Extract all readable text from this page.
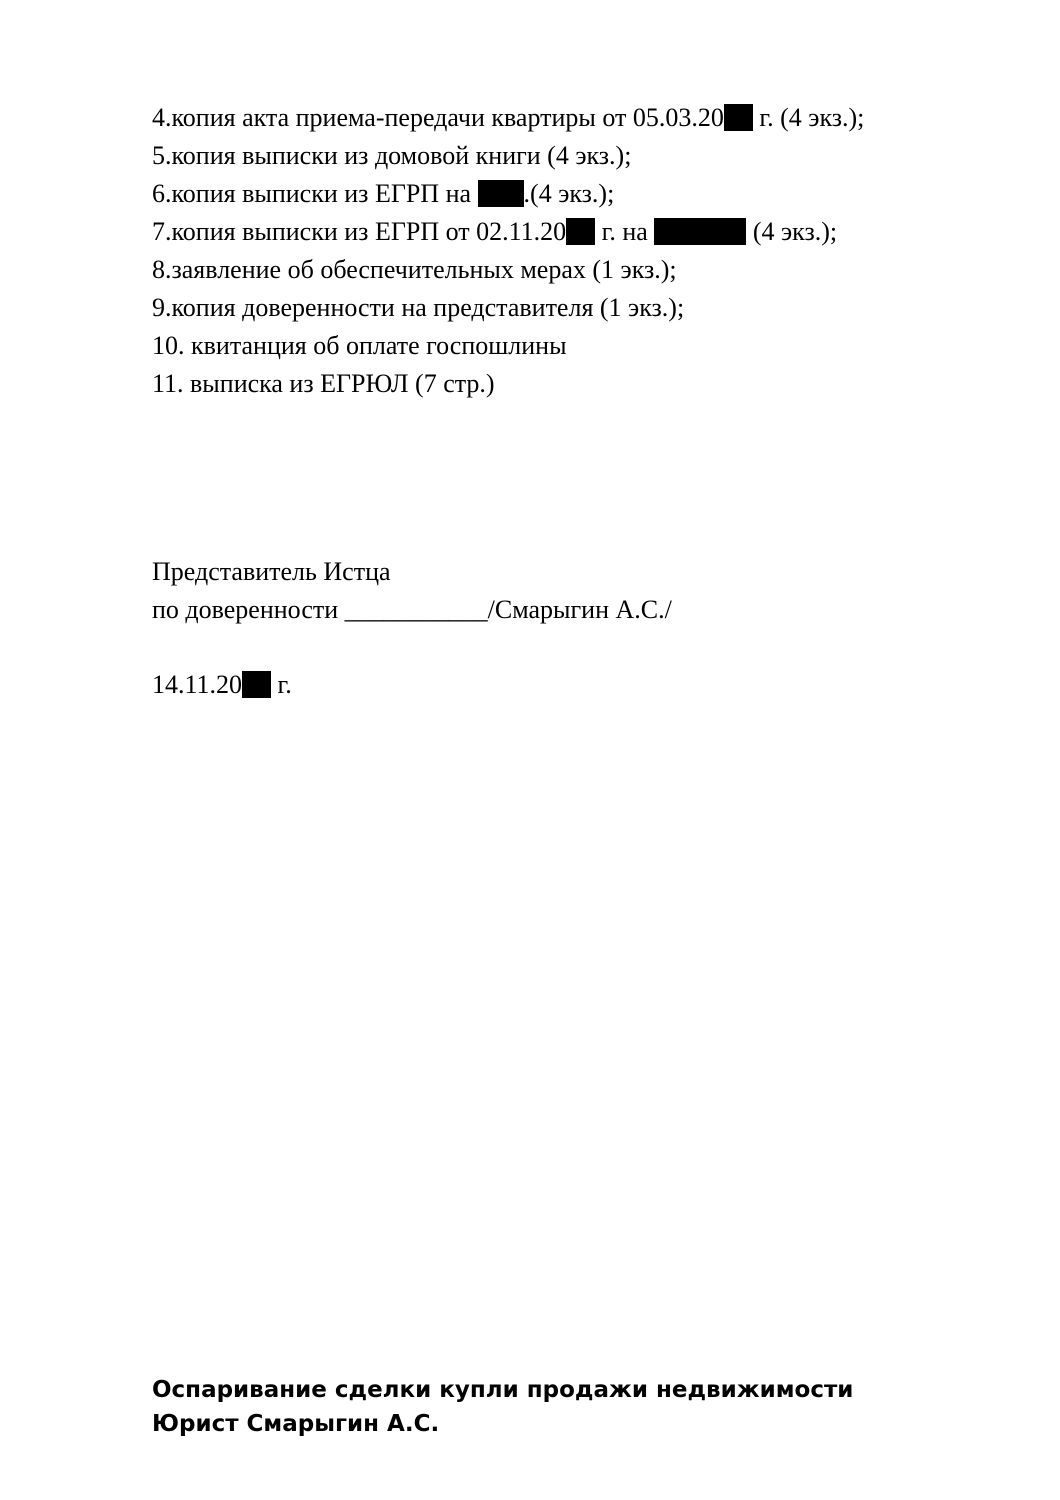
4.копия акта приема-передачи квартиры от 05.03.20 г. (4 экз.);
5.копия выписки из домовой книги (4 экз.);
6.копия выписки из ЕГРП на .(4 экз.);
7.копия выписки из ЕГРП от 02.11.20 г. на	(4 экз.);
8.заявление об обеспечительных мерах (1 экз.);
9.копия доверенности на представителя (1 экз.);
10. квитанция об оплате госпошлины
11. выписка из ЕГРЮЛ (7 стр.)
Представитель Истца
по доверенности ___________/Смарыгин А.С./
14.11.20 г.
Оспаривание сделки купли продажи недвижимости
Юрист Смарыгин А.С.
